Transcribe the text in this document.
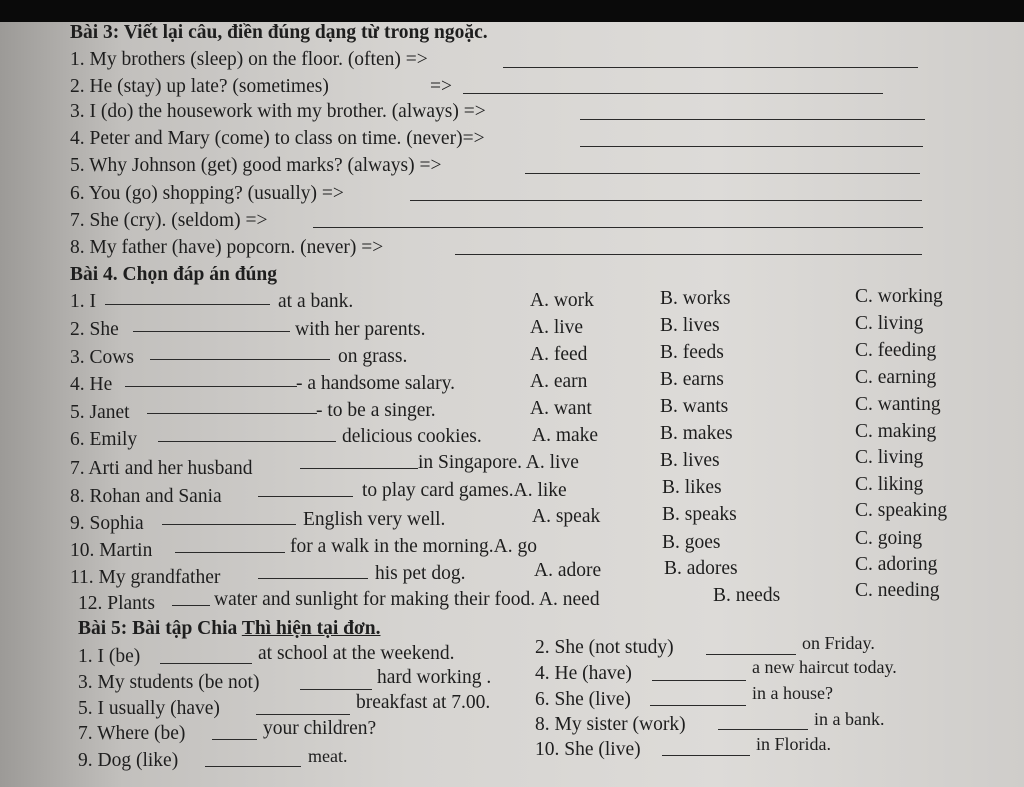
Bài 3: Viết lại câu, điền đúng dạng từ trong ngoặc.
1. My brothers (sleep) on the floor. (often) =>
2. He (stay) up late? (sometimes)	=>
3. I (do) the housework with my brother. (always) =>
4. Peter and Mary (come) to class on time. (never)=>
5. Why Johnson (get) good marks? (always) =>
6. You (go) shopping? (usually) =>
7. She (cry). (seldom) =>
8. My father (have) popcorn. (never) =>
Bài 4. Chọn đáp án đúng
1. I	at a bank.	A. work	B. works	C. working
2. She	with her parents.	A. live	B. lives	C. living
3. Cows	on grass.	A. feed	B. feeds	C. feeding
4. He	- a handsome salary.	A. earn	B. earns	C. earning
5. Janet	- to be a singer.	A. want	B. wants	C. wanting
6. Emily	delicious cookies.	A. make	B. makes	C. making
7. Arti and her husband	in Singapore. A. live	B. lives	C. living
8. Rohan and Sania	to play card games.A. like	B. likes	C. liking
9. Sophia	English very well.	A. speak	B. speaks	C. speaking
10. Martin	for a walk in the morning.A. go	B. goes	C. going
11. My grandfather	his pet dog.	A. adore	B. adores	C. adoring
12. Plants	water and sunlight for making their food. A. need	B. needs	C. needing
Bài 5: Bài tập Chia Thì hiện tại đơn.
1. I (be)	at school at the weekend.	2. She (not study)	on Friday.
3. My students (be not)	hard working . 4. He (have)	a new haircut today.
5. I usually (have)	breakfast at 7.00. 6. She (live)	in a house?
7. Where (be)	your children?	8. My sister (work)	in a bank.
9. Dog (like)	meat.	10. She (live)	in Florida.
